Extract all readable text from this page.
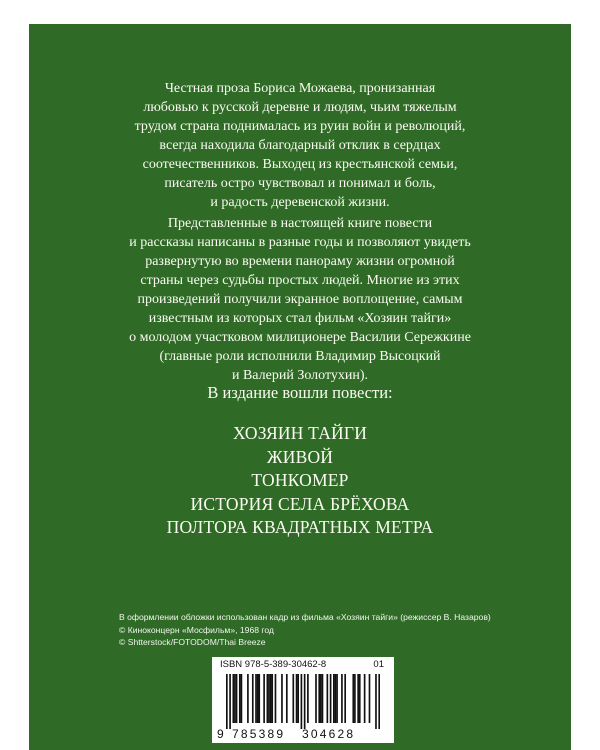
Честная проза Бориса Можаева, пронизанная
любовью к русской деревне и людям, чьим тяжелым
трудом страна поднималась из руин войн и революций,
всегда находила благодарный отклик в сердцах
соотечественников. Выходец из крестьянской семьи,
писатель остро чувствовал и понимал и боль,
и радость деревенской жизни.
Представленные в настоящей книге повести
и рассказы написаны в разные годы и позволяют увидеть
развернутую во времени панораму жизни огромной
страны через судьбы простых людей. Многие из этих
произведений получили экранное воплощение, самым
известным из которых стал фильм «Хозяин тайги»
о молодом участковом милиционере Василии Сережкине
(главные роли исполнили Владимир Высоцкий
и Валерий Золотухин).
В издание вошли повести:
ХОЗЯИН ТАЙГИ
ЖИВОЙ
ТОНКОМЕР
ИСТОРИЯ СЕЛА БРЁХОВА
ПОЛТОРА КВАДРАТНЫХ МЕТРА
В оформлении обложки использован кадр из фильма «Хозяин тайги» (режиссер В. Назаров)
© Киноконцерн «Мосфильм», 1968 год
© Shtterstock/FOTODOM/Thai Breeze
ISBN 978-5-389-30462-8	01
9 785389 304628
